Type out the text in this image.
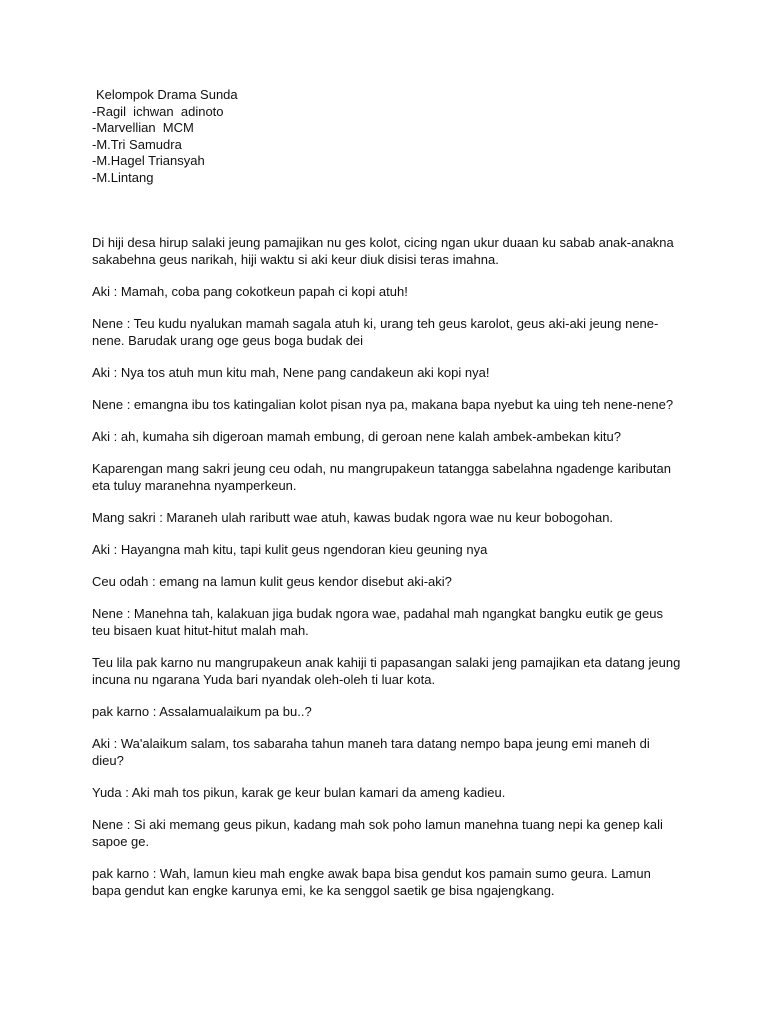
Kelompok Drama Sunda
-Ragil  ichwan  adinoto
-Marvellian  MCM
-M.Tri Samudra
-M.Hagel Triansyah
-M.Lintang

Di hiji desa hirup salaki jeung pamajikan nu ges kolot, cicing ngan ukur duaan ku sabab anak-anakna sakabehna geus narikah, hiji waktu si aki keur diuk disisi teras imahna.

Aki : Mamah, coba pang cokotkeun papah ci kopi atuh!

Nene : Teu kudu nyalukan mamah sagala atuh ki, urang teh geus karolot, geus aki-aki jeung nene-nene. Barudak urang oge geus boga budak dei

Aki : Nya tos atuh mun kitu mah, Nene pang candakeun aki kopi nya!

Nene : emangna ibu tos katingalian kolot pisan nya pa, makana bapa nyebut ka uing teh nene-nene?

Aki : ah, kumaha sih digeroan mamah embung, di geroan nene kalah ambek-ambekan kitu?

Kaparengan mang sakri jeung ceu odah, nu mangrupakeun tatangga sabelahna ngadenge kaributan eta tuluy maranehna nyamperkeun.

Mang sakri : Maraneh ulah raributt wae atuh, kawas budak ngora wae nu keur bobogohan.

Aki : Hayangna mah kitu, tapi kulit geus ngendoran kieu geuning nya

Ceu odah : emang na lamun kulit geus kendor disebut aki-aki?

Nene : Manehna tah, kalakuan jiga budak ngora wae, padahal mah ngangkat bangku eutik ge geus teu bisaen kuat hitut-hitut malah mah.

Teu lila pak karno nu mangrupakeun anak kahiji ti papasangan salaki jeng pamajikan eta datang jeung incuna nu ngarana Yuda bari nyandak oleh-oleh ti luar kota.

pak karno : Assalamualaikum pa bu..?

Aki : Wa'alaikum salam, tos sabaraha tahun maneh tara datang nempo bapa jeung emi maneh di dieu?

Yuda : Aki mah tos pikun, karak ge keur bulan kamari da ameng kadieu.

Nene : Si aki memang geus pikun, kadang mah sok poho lamun manehna tuang nepi ka genep kali sapoe ge.

pak karno : Wah, lamun kieu mah engke awak bapa bisa gendut kos pamain sumo geura. Lamun bapa gendut kan engke karunya emi, ke ka senggol saetik ge bisa ngajengkang.
